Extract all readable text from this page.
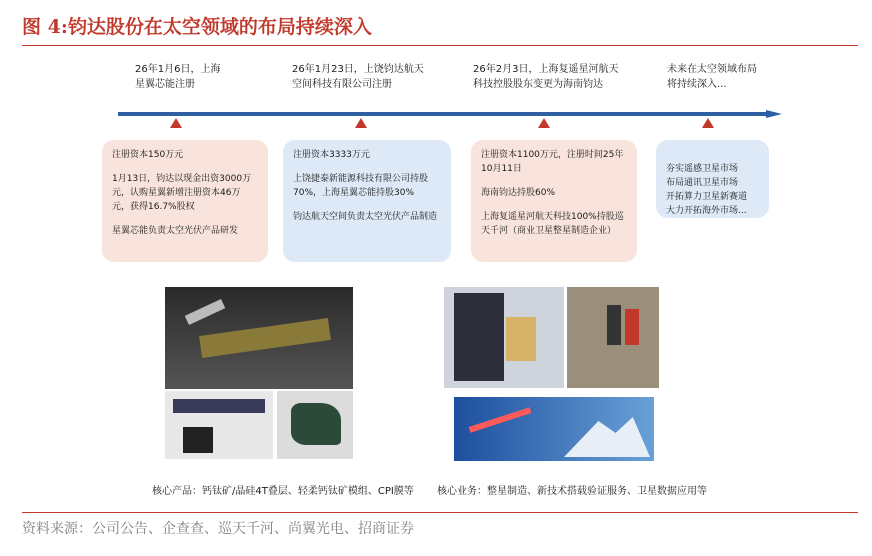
图 4:钧达股份在太空领域的布局持续深入
26年1月6日，上海
星翼芯能注册
26年1月23日，上饶钧达航天
空间科技有限公司注册
26年2月3日，上海复遥星河航天
科技控股股东变更为海南钧达
未来在太空领域布局
将持续深入...

注册资本150万元

1月13日，钧达以现金出资3000万元，认购星翼新增注册资本46万元，获得16.7%股权

星翼芯能负责太空光伏产品研发

注册资本3333万元

上饶捷泰新能源科技有限公司持股70%，上海星翼芯能持股30%

钧达航天空间负责太空光伏产品制造

注册资本1100万元，注册时间25年10月11日

海南钧达持股60%

上海复遥星河航天科技100%持股巡天千河（商业卫星整星制造企业）

夯实遥感卫星市场
布局通讯卫星市场
开拓算力卫星新赛道
大力开拓海外市场...

核心产品：钙钛矿/晶硅4T叠层、轻柔钙钛矿模组、CPI膜等 核心业务：整星制造、新技术搭载验证服务、卫星数据应用等
资料来源：公司公告、企查查、巡天千河、尚翼光电、招商证券
